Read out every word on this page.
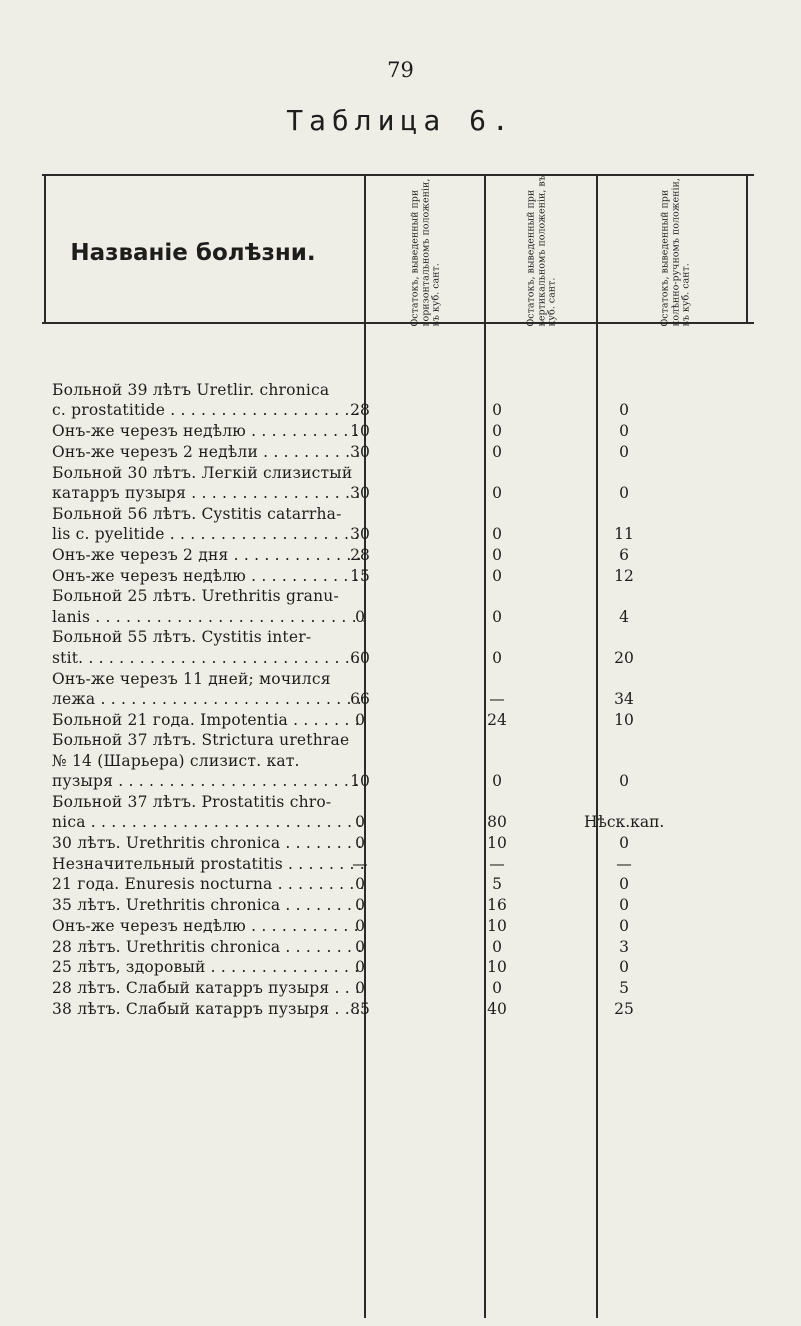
79
Таблица 6.
Названіе болѣзни.	Остатокъ, выведенный при горизонтальномъ положеніи, въ куб. сант.	Остатокъ, выведенный при вертикальномъ положеніи, въ куб. сант.	Остатокъ, выведенный при колѣнно-ручномъ положеніи, въ куб. сант.
Больной 39 лѣтъ Uretlir. chronica
c. prostatitide . . .	28	0	0
Онъ-же черезъ недѣлю . . .	10	0	0
Онъ-же черезъ 2 недѣли . . .	30	0	0
Больной 30 лѣтъ. Легкій слизистый
катарръ пузыря . . .	30	0	0
Больной 56 лѣтъ. Cystitis catarrha-
lis c. pyelitide . . .	30	0	11
Онъ-же черезъ 2 дня . . .	28	0	6
Онъ-же черезъ недѣлю . . .	15	0	12
Больной 25 лѣтъ. Urethritis granu-
lanis . . .	0	0	4
Больной 55 лѣтъ. Cystitis inter-
stit. . . .	60	0	20
Онъ-же черезъ 11 дней; мочился
лежа . . .	66	—	34
Больной 21 года. Impotentia . . .	0	24	10
Больной 37 лѣтъ. Strictura urethrae
№ 14 (Шарьера) слизист. кат.
пузыря . . .	10	0	0
Больной 37 лѣтъ. Prostatitis chro-
nica . . .	0	80	Нѣск.кап.
30 лѣтъ. Urethritis chronica . . .	0	10	0
Незначительный prostatitis . . .	—	—	—
21 года. Enuresis nocturna . . .	0	5	0
35 лѣтъ. Urethritis chronica . . .	0	16	0
Онъ-же черезъ недѣлю . . .	0	10	0
28 лѣтъ. Urethritis chronica . . .	0	0	3
25 лѣтъ, здоровый . . .	0	10	0
28 лѣтъ. Слабый катарръ пузыря . . .	0	0	5
38 лѣтъ. Слабый катарръ пузыря . . .	85	40	25
